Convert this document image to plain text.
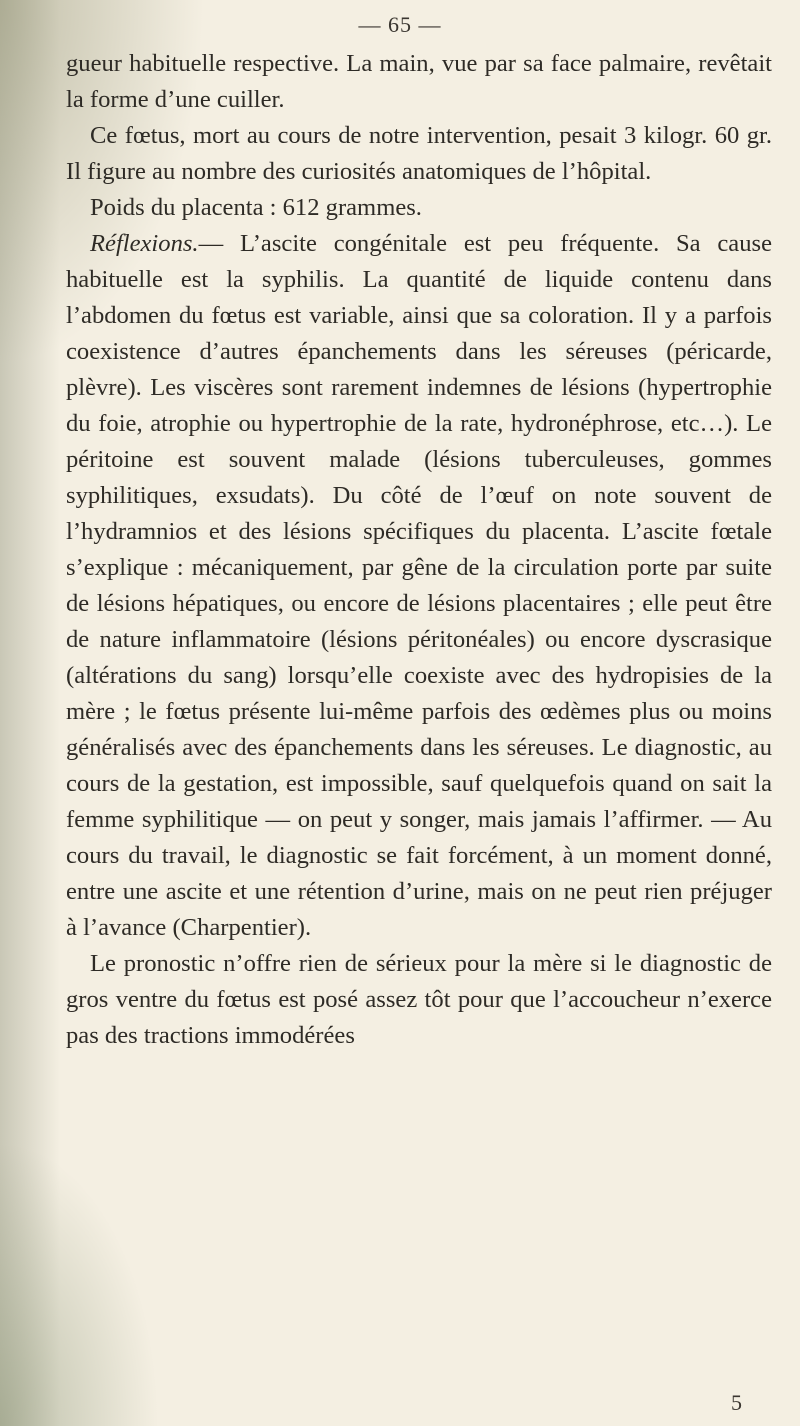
— 65 —

gueur habituelle respective. La main, vue par sa face palmaire, revêtait la forme d’une cuiller.

Ce fœtus, mort au cours de notre intervention, pesait 3 kilogr. 60 gr. Il figure au nombre des curiosités anatomiques de l’hôpital.

Poids du placenta : 612 grammes.

Réflexions.— L’ascite congénitale est peu fréquente. Sa cause habituelle est la syphilis. La quantité de liquide contenu dans l’abdomen du fœtus est variable, ainsi que sa coloration. Il y a parfois coexistence d’autres épanchements dans les séreuses (péricarde, plèvre). Les viscères sont rarement indemnes de lésions (hypertrophie du foie, atrophie ou hypertrophie de la rate, hydronéphrose, etc…). Le péritoine est souvent malade (lésions tuberculeuses, gommes syphilitiques, exsudats). Du côté de l’œuf on note souvent de l’hydramnios et des lésions spécifiques du placenta. L’ascite fœtale s’explique : mécaniquement, par gêne de la circulation porte par suite de lésions hépatiques, ou encore de lésions placentaires ; elle peut être de nature inflammatoire (lésions péritonéales) ou encore dyscrasique (altérations du sang) lorsqu’elle coexiste avec des hydropisies de la mère ; le fœtus présente lui-même parfois des œdèmes plus ou moins généralisés avec des épanchements dans les séreuses. Le diagnostic, au cours de la gestation, est impossible, sauf quelquefois quand on sait la femme syphilitique — on peut y songer, mais jamais l’affirmer. — Au cours du travail, le diagnostic se fait forcément, à un moment donné, entre une ascite et une rétention d’urine, mais on ne peut rien préjuger à l’avance (Charpentier).

Le pronostic n’offre rien de sérieux pour la mère si le diagnostic de gros ventre du fœtus est posé assez tôt pour que l’accoucheur n’exerce pas des tractions immodérées

5
